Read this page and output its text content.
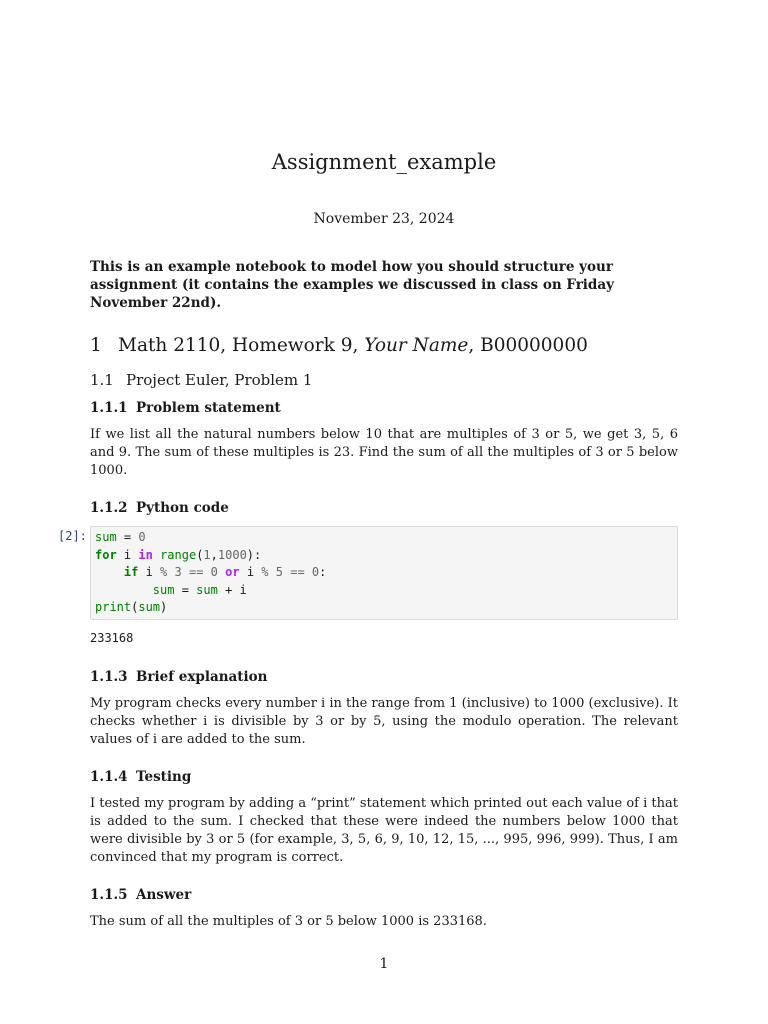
Assignment_example
November 23, 2024

This is an example notebook to model how you should structure your assignment (it contains the examples we discussed in class on Friday November 22nd).

1 Math 2110, Homework 9, Your Name, B00000000
1.1 Project Euler, Problem 1
1.1.1 Problem statement

If we list all the natural numbers below 10 that are multiples of 3 or 5, we get 3, 5, 6 and 9. The sum of these multiples is 23. Find the sum of all the multiples of 3 or 5 below 1000.

1.1.2 Python code
[2]: sum = 0
for i in range(1,1000):
if i % 3 == 0 or i % 5 == 0:
sum = sum + i
print(sum)
233168
1.1.3 Brief explanation

My program checks every number i in the range from 1 (inclusive) to 1000 (exclusive). It checks whether i is divisible by 3 or by 5, using the modulo operation. The relevant values of i are added to the sum.

1.1.4 Testing

I tested my program by adding a “print” statement which printed out each value of i that is added to the sum. I checked that these were indeed the numbers below 1000 that were divisible by 3 or 5 (for example, 3, 5, 6, 9, 10, 12, 15, ..., 995, 996, 999). Thus, I am convinced that my program is correct.

1.1.5 Answer

The sum of all the multiples of 3 or 5 below 1000 is 233168.

1
